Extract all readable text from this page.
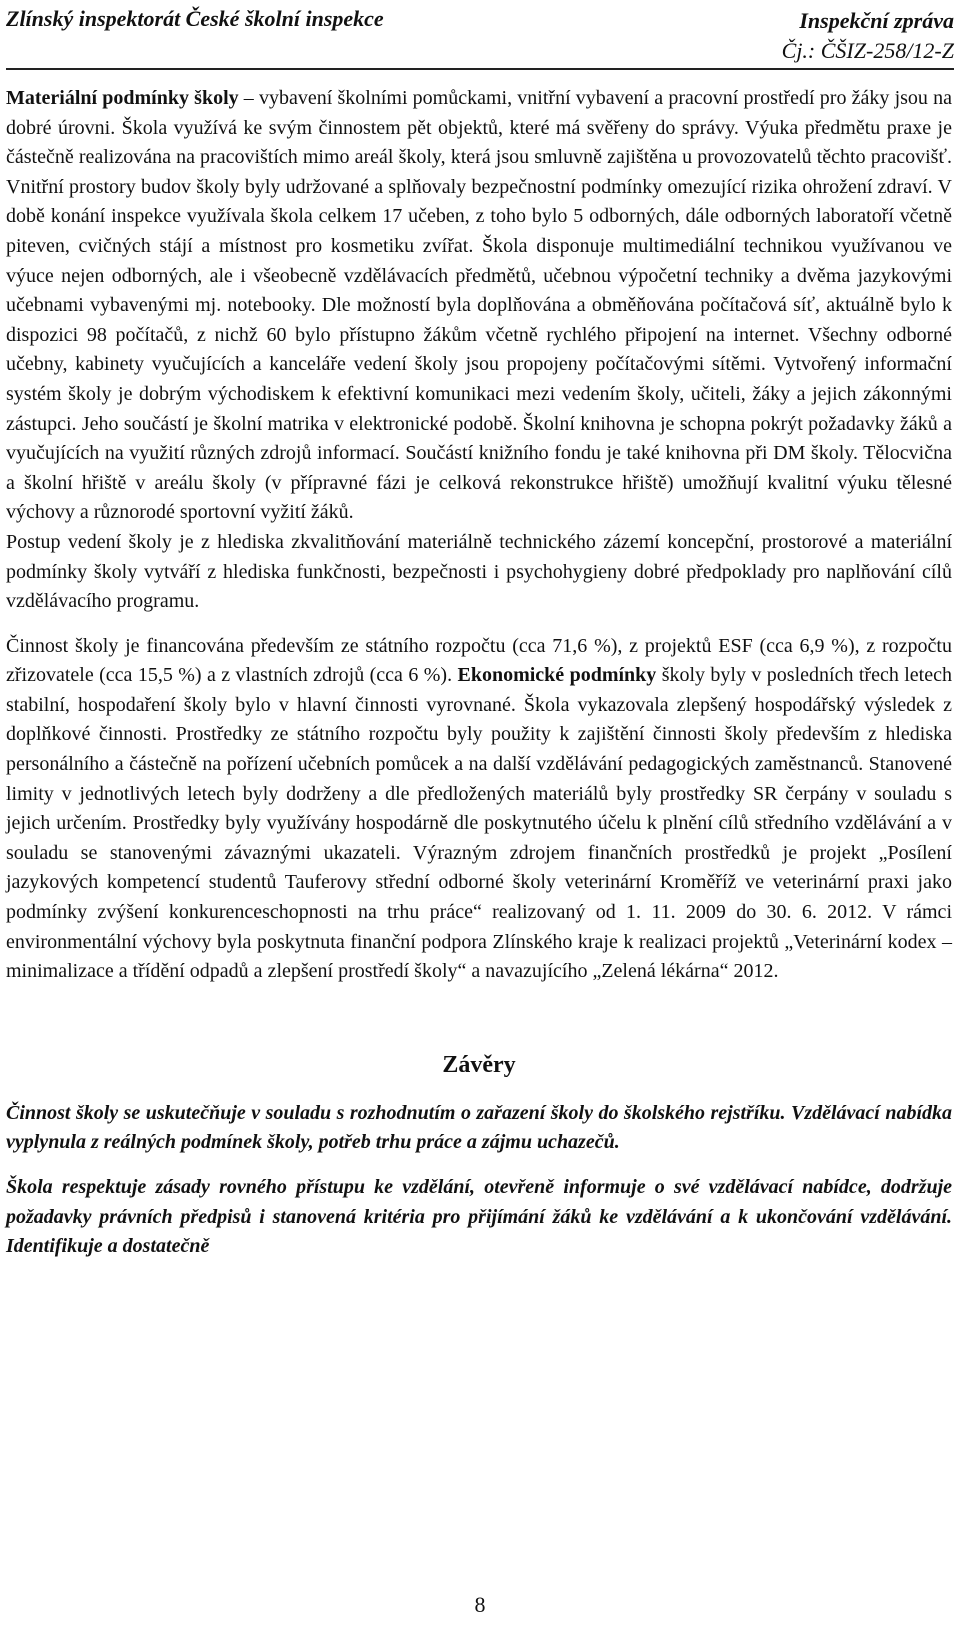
Zlínský inspektorát České školní inspekce	Inspekční zpráva
Čj.: ČŠIZ-258/12-Z

Materiální podmínky školy – vybavení školními pomůckami, vnitřní vybavení a pracovní prostředí pro žáky jsou na dobré úrovni. Škola využívá ke svým činnostem pět objektů, které má svěřeny do správy. Výuka předmětu praxe je částečně realizována na pracovištích mimo areál školy, která jsou smluvně zajištěna u provozovatelů těchto pracovišť. Vnitřní prostory budov školy byly udržované a splňovaly bezpečnostní podmínky omezující rizika ohrožení zdraví. V době konání inspekce využívala škola celkem 17 učeben, z toho bylo 5 odborných, dále odborných laboratoří včetně piteven, cvičných stájí a místnost pro kosmetiku zvířat. Škola disponuje multimediální technikou využívanou ve výuce nejen odborných, ale i všeobecně vzdělávacích předmětů, učebnou výpočetní techniky a dvěma jazykovými učebnami vybavenými mj. notebooky. Dle možností byla doplňována a obměňována počítačová síť, aktuálně bylo k dispozici 98 počítačů, z nichž 60 bylo přístupno žákům včetně rychlého připojení na internet. Všechny odborné učebny, kabinety vyučujících a kanceláře vedení školy jsou propojeny počítačovými sítěmi. Vytvořený informační systém školy je dobrým východiskem k efektivní komunikaci mezi vedením školy, učiteli, žáky a jejich zákonnými zástupci. Jeho součástí je školní matrika v elektronické podobě. Školní knihovna je schopna pokrýt požadavky žáků a vyučujících na využití různých zdrojů informací. Součástí knižního fondu je také knihovna při DM školy. Tělocvična a školní hřiště v areálu školy (v přípravné fázi je celková rekonstrukce hřiště) umožňují kvalitní výuku tělesné výchovy a různorodé sportovní vyžití žáků.

Postup vedení školy je z hlediska zkvalitňování materiálně technického zázemí koncepční, prostorové a materiální podmínky školy vytváří z hlediska funkčnosti, bezpečnosti i psychohygieny dobré předpoklady pro naplňování cílů vzdělávacího programu.

Činnost školy je financována především ze státního rozpočtu (cca 71,6 %), z projektů ESF (cca 6,9 %), z rozpočtu zřizovatele (cca 15,5 %) a z vlastních zdrojů (cca 6 %). Ekonomické podmínky školy byly v posledních třech letech stabilní, hospodaření školy bylo v hlavní činnosti vyrovnané. Škola vykazovala zlepšený hospodářský výsledek z doplňkové činnosti. Prostředky ze státního rozpočtu byly použity k zajištění činnosti školy především z hlediska personálního a částečně na pořízení učebních pomůcek a na další vzdělávání pedagogických zaměstnanců. Stanovené limity v jednotlivých letech byly dodrženy a dle předložených materiálů byly prostředky SR čerpány v souladu s jejich určením. Prostředky byly využívány hospodárně dle poskytnutého účelu k plnění cílů středního vzdělávání a v souladu se stanovenými závaznými ukazateli. Výrazným zdrojem finančních prostředků je projekt „Posílení jazykových kompetencí studentů Tauferovy střední odborné školy veterinární Kroměříž ve veterinární praxi jako podmínky zvýšení konkurenceschopnosti na trhu práce“ realizovaný od 1. 11. 2009 do 30. 6. 2012. V rámci environmentální výchovy byla poskytnuta finanční podpora Zlínského kraje k realizaci projektů „Veterinární kodex – minimalizace a třídění odpadů a zlepšení prostředí školy“ a navazujícího „Zelená lékárna“ 2012.

Závěry

Činnost školy se uskutečňuje v souladu s rozhodnutím o zařazení školy do školského rejstříku. Vzdělávací nabídka vyplynula z reálných podmínek školy, potřeb trhu práce a zájmu uchazečů.

Škola respektuje zásady rovného přístupu ke vzdělání, otevřeně informuje o své vzdělávací nabídce, dodržuje požadavky právních předpisů i stanovená kritéria pro přijímání žáků ke vzdělávání a k ukončování vzdělávání. Identifikuje a dostatečně

8
